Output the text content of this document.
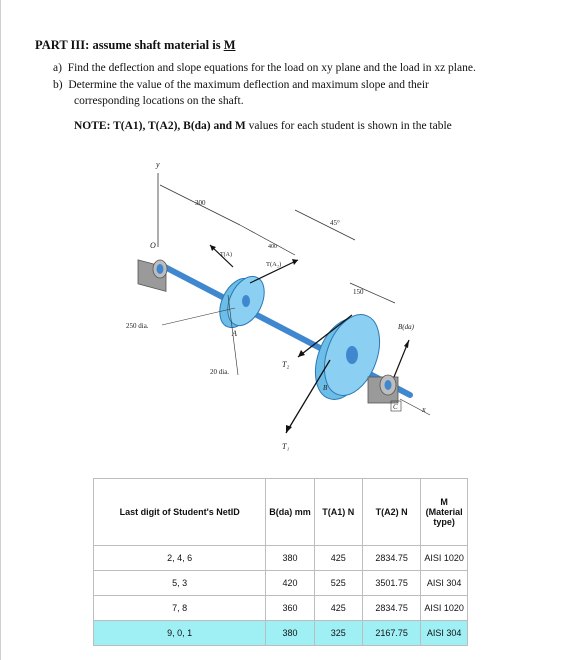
PART III: assume shaft material is M
a) Find the deflection and slope equations for the load on xy plane and the load in xz plane.
b) Determine the value of the maximum deflection and maximum slope and their
corresponding locations on the shaft.
NOTE: T(A1), T(A2), B(da) and M values for each student is shown in the table
y
O
300
400
45°
150
T(A)
T(A₂)
T₁
T₂
B(da)
250 dia.
20 dia.
A
B
C	x
Last digit of Student's NetID	B(da) mm	T(A1) N	T(A2) N	M (Material type)
2, 4, 6	380	425	2834.75	AISI 1020
5, 3	420	525	3501.75	AISI 304
7, 8	360	425	2834.75	AISI 1020
9, 0, 1	380	325	2167.75	AISI 304
